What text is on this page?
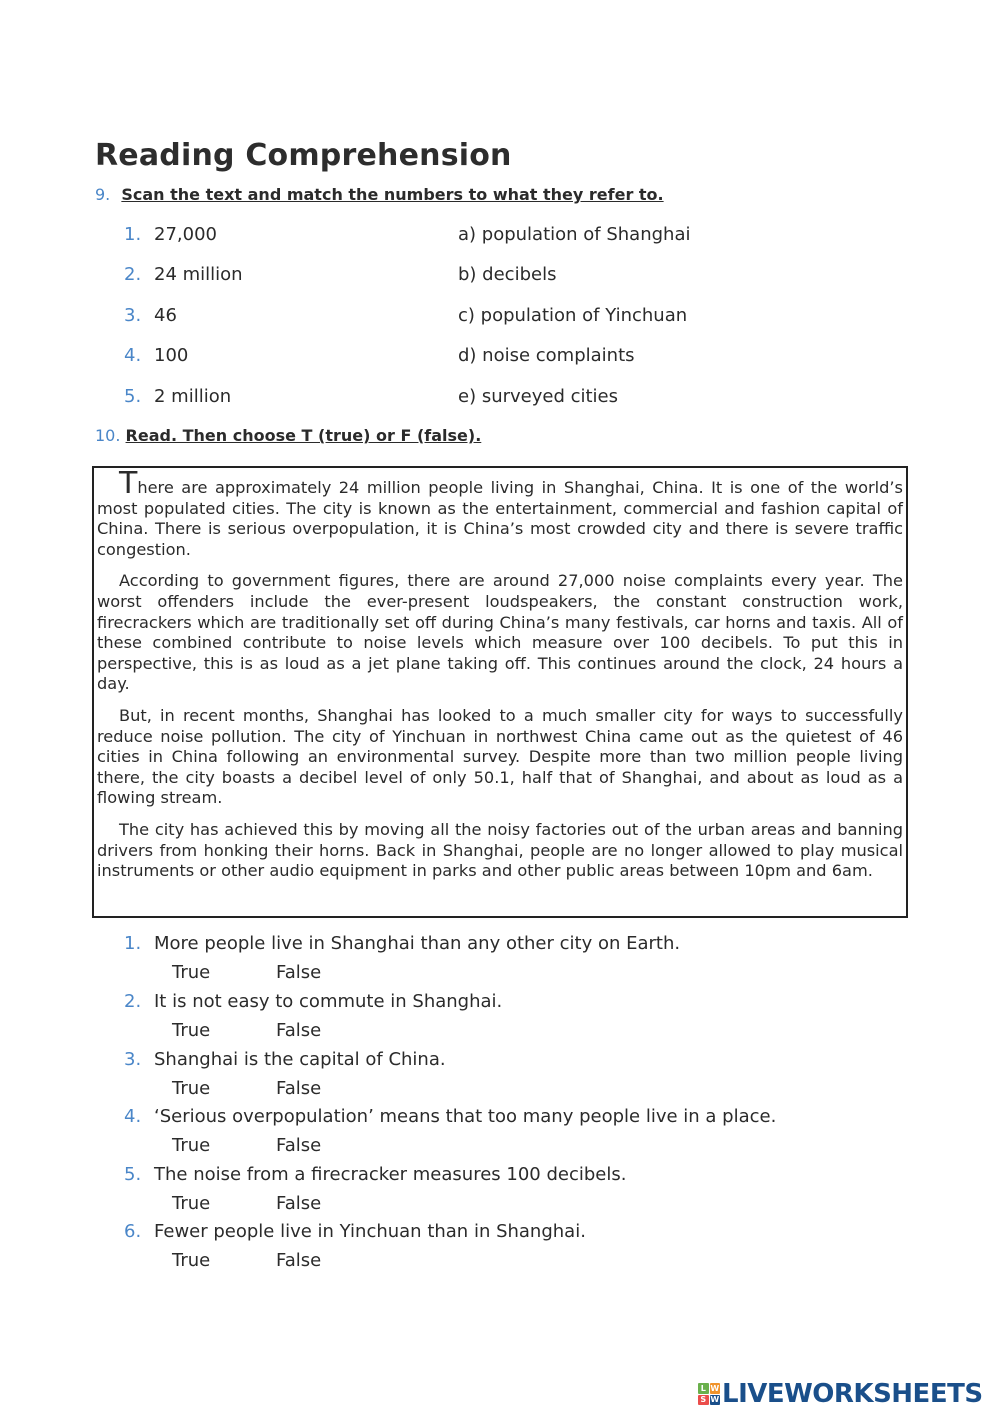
Reading Comprehension
9. Scan the text and match the numbers to what they refer to.
1. 27,000	a) population of Shanghai
2. 24 million	b) decibels
3. 46	c) population of Yinchuan
4. 100	d) noise complaints
5. 2 million	e) surveyed cities
10. Read. Then choose T (true) or F (false).

There are approximately 24 million people living in Shanghai, China. It is one of the world’s most populated cities. The city is known as the entertainment, commercial and fashion capital of China. There is serious overpopulation, it is China’s most crowded city and there is severe traffic congestion.

According to government figures, there are around 27,000 noise complaints every year. The worst offenders include the ever-present loudspeakers, the constant construction work, firecrackers which are traditionally set off during China’s many festivals, car horns and taxis. All of these combined contribute to noise levels which measure over 100 decibels. To put this in perspective, this is as loud as a jet plane taking off. This continues around the clock, 24 hours a day.

But, in recent months, Shanghai has looked to a much smaller city for ways to successfully reduce noise pollution. The city of Yinchuan in northwest China came out as the quietest of 46 cities in China following an environmental survey. Despite more than two million people living there, the city boasts a decibel level of only 50.1, half that of Shanghai, and about as loud as a flowing stream.

The city has achieved this by moving all the noisy factories out of the urban areas and banning drivers from honking their horns. Back in Shanghai, people are no longer allowed to play musical instruments or other audio equipment in parks and other public areas between 10pm and 6am.

1. More people live in Shanghai than any other city on Earth.
True	False
2. It is not easy to commute in Shanghai.
True	False
3. Shanghai is the capital of China.
True	False
4. ‘Serious overpopulation’ means that too many people live in a place.
True	False
5. The noise from a firecracker measures 100 decibels.
True	False
6. Fewer people live in Yinchuan than in Shanghai.
True	False
L W
S W LIVEWORKSHEETS
